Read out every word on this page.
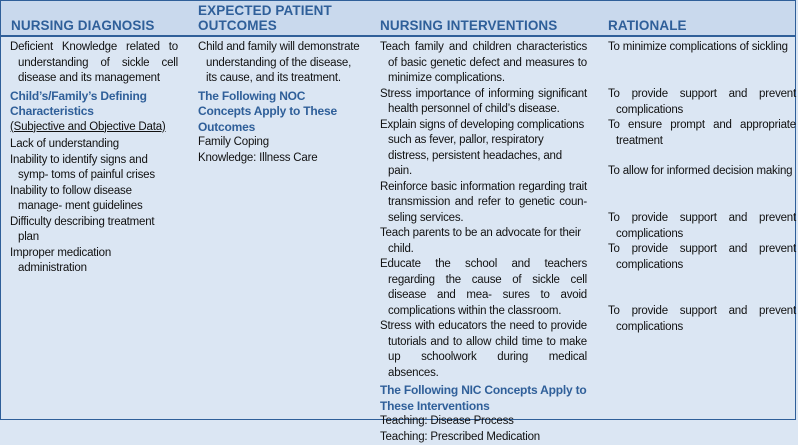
NURSING DIAGNOSIS
EXPECTED PATIENT
OUTCOMES	NURSING INTERVENTIONS	RATIONALE

Deficient Knowledge related to understanding of sickle cell disease and its management

Child’s/Family’s Defining Characteristics
(Subjective and Objective Data)

Lack of understanding

Inability to identify signs and symp- toms of painful crises

Inability to follow disease manage- ment guidelines

Difficulty describing treatment plan

Improper medication administration

Child and family will demonstrate understanding of the disease, its cause, and its treatment.

The Following NOC Concepts Apply to These Outcomes

Family Coping

Knowledge: Illness Care

Teach family and children characteristics of basic genetic defect and measures to minimize complications.

Stress importance of informing significant health personnel of child’s disease.

Explain signs of developing complications such as fever, pallor, respiratory distress, persistent headaches, and pain.

Reinforce basic information regarding trait transmission and refer to genetic coun- seling services.

Teach parents to be an advocate for their child.

Educate the school and teachers regarding the cause of sickle cell disease and mea- sures to avoid complications within the classroom.

Stress with educators the need to provide tutorials and to allow child time to make up schoolwork during medical absences.

The Following NIC Concepts Apply to These Interventions

Teaching: Disease Process

Teaching: Prescribed Medication

To minimize complications of sickling

To provide support and prevent complications

To ensure prompt and appropriate treatment

To allow for informed decision making

To provide support and prevent complications

To provide support and prevent complications

To provide support and prevent complications
